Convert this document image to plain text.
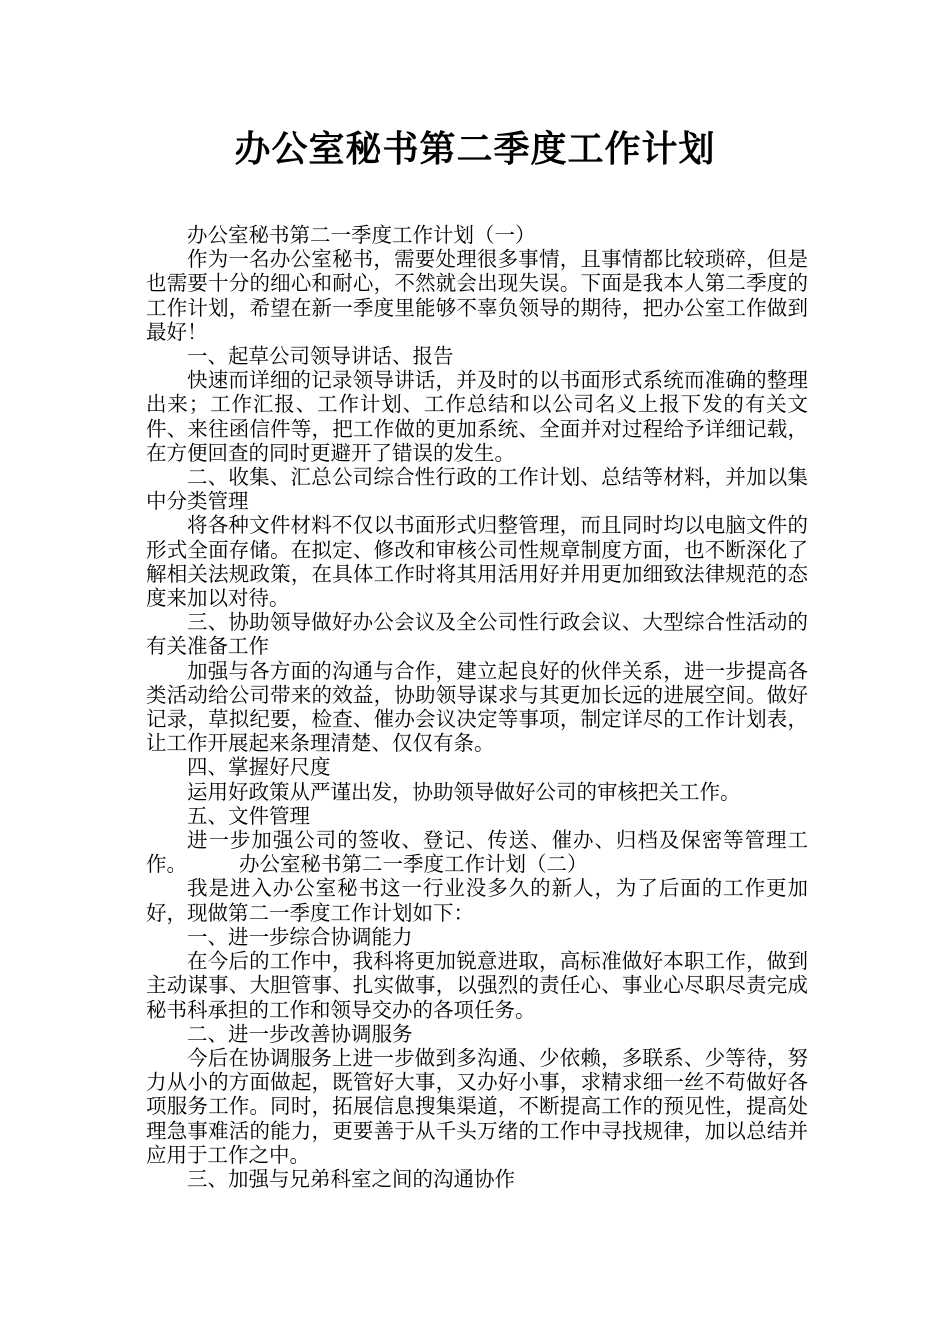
办公室秘书第二季度工作计划

办公室秘书第二一季度工作计划（一）

作为一名办公室秘书，需要处理很多事情，且事情都比较琐碎，但是也需要十分的细心和耐心，不然就会出现失误。下面是我本人第二季度的工作计划，希望在新一季度里能够不辜负领导的期待，把办公室工作做到最好！

一、起草公司领导讲话、报告

快速而详细的记录领导讲话，并及时的以书面形式系统而准确的整理出来；工作汇报、工作计划、工作总结和以公司名义上报下发的有关文件、来往函信件等，把工作做的更加系统、全面并对过程给予详细记载，在方便回查的同时更避开了错误的发生。

二、收集、汇总公司综合性行政的工作计划、总结等材料，并加以集中分类管理

将各种文件材料不仅以书面形式归整管理，而且同时均以电脑文件的形式全面存储。在拟定、修改和审核公司性规章制度方面，也不断深化了解相关法规政策，在具体工作时将其用活用好并用更加细致法律规范的态度来加以对待。

三、协助领导做好办公会议及全公司性行政会议、大型综合性活动的有关准备工作

加强与各方面的沟通与合作，建立起良好的伙伴关系，进一步提高各类活动给公司带来的效益，协助领导谋求与其更加长远的进展空间。做好记录，草拟纪要，检查、催办会议决定等事项，制定详尽的工作计划表，让工作开展起来条理清楚、仅仅有条。

四、掌握好尺度

运用好政策从严谨出发，协助领导做好公司的审核把关工作。

五、文件管理

进一步加强公司的签收、登记、传送、催办、归档及保密等管理工作。	办公室秘书第二一季度工作计划（二）

我是进入办公室秘书这一行业没多久的新人，为了后面的工作更加好，现做第二一季度工作计划如下：

一、进一步综合协调能力

在今后的工作中，我科将更加锐意进取，高标准做好本职工作，做到主动谋事、大胆管事、扎实做事，以强烈的责任心、事业心尽职尽责完成秘书科承担的工作和领导交办的各项任务。

二、进一步改善协调服务

今后在协调服务上进一步做到多沟通、少依赖，多联系、少等待，努力从小的方面做起，既管好大事，又办好小事，求精求细一丝不苟做好各项服务工作。同时，拓展信息搜集渠道，不断提高工作的预见性，提高处理急事难活的能力，更要善于从千头万绪的工作中寻找规律，加以总结并应用于工作之中。

三、加强与兄弟科室之间的沟通协作
